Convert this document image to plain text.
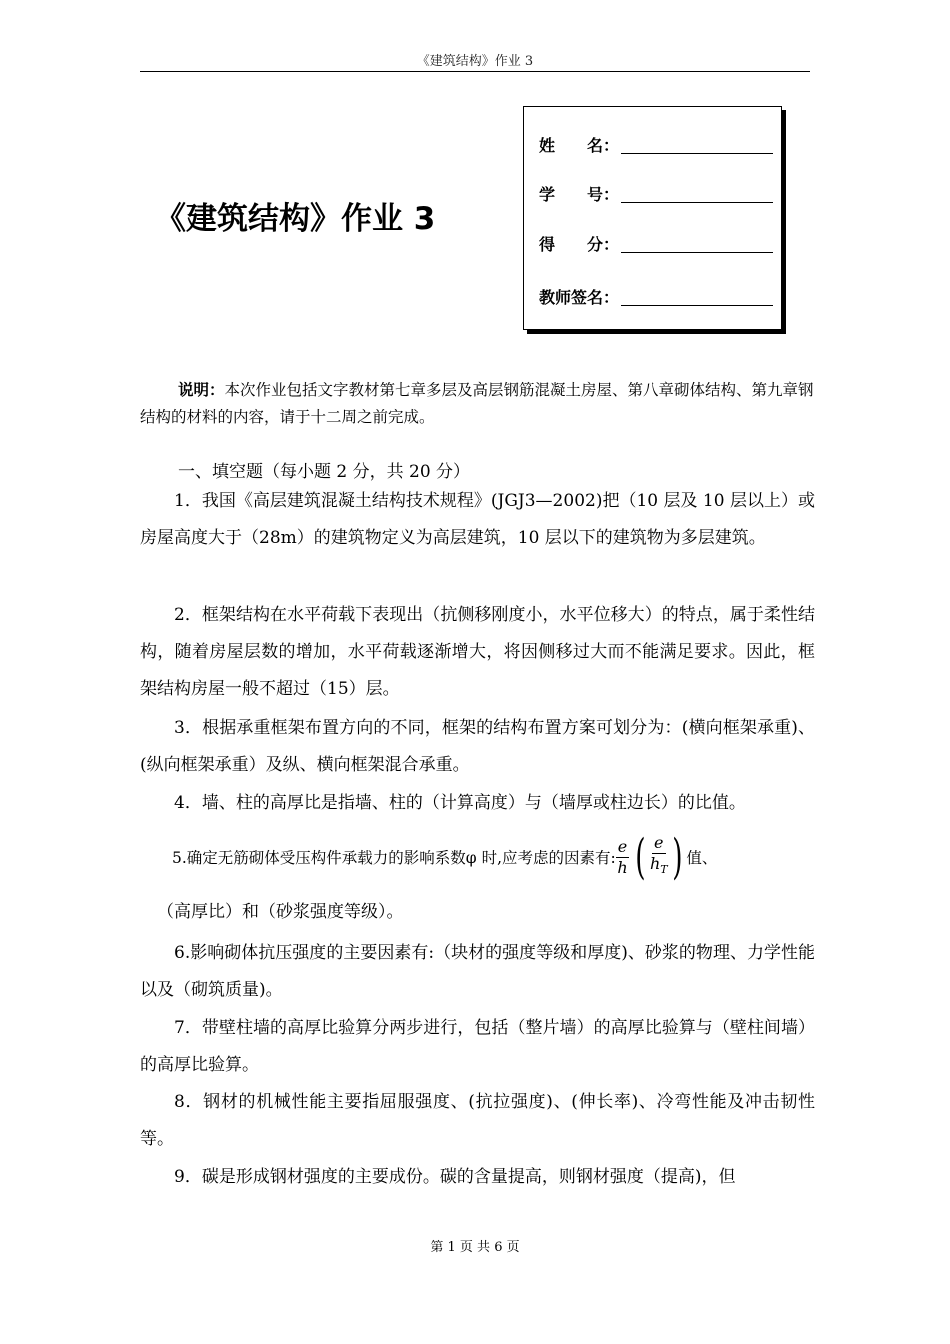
《建筑结构》作业 3
《建筑结构》作业 3
姓　　名：
学　　号：
得　　分：
教师签名：
说明：本次作业包括文字教材第七章多层及高层钢筋混凝土房屋、第八章砌体结构、第九章钢结构的材料的内容，请于十二周之前完成。
一、填空题（每小题 2 分，共 20 分）
1．我国《高层建筑混凝土结构技术规程》(JGJ3—2002)把（10 层及 10 层以上）或房屋高度大于（28m）的建筑物定义为高层建筑，10 层以下的建筑物为多层建筑。
2．框架结构在水平荷载下表现出（抗侧移刚度小，水平位移大）的特点，属于柔性结构，随着房屋层数的增加，水平荷载逐渐增大，将因侧移过大而不能满足要求。因此，框架结构房屋一般不超过（15）层。
3．根据承重框架布置方向的不同，框架的结构布置方案可划分为：(横向框架承重)、(纵向框架承重）及纵、横向框架混合承重。
4．墙、柱的高厚比是指墙、柱的（计算高度）与（墙厚或柱边长）的比值。
5.确定无筋砌体受压构件承载力的影响系数φ 时,应考虑的因素有: $\frac{e}{h}$ ( $\frac{e}{h_T}$ ) 值、
（高厚比）和（砂浆强度等级）。
6.影响砌体抗压强度的主要因素有:（块材的强度等级和厚度)、砂浆的物理、力学性能以及（砌筑质量)。
7．带壁柱墙的高厚比验算分两步进行，包括（整片墙）的高厚比验算与（壁柱间墙）的高厚比验算。
8．钢材的机械性能主要指屈服强度、(抗拉强度)、(伸长率)、冷弯性能及冲击韧性等。
9．碳是形成钢材强度的主要成份。碳的含量提高，则钢材强度（提高)，但
第 1 页 共 6 页
